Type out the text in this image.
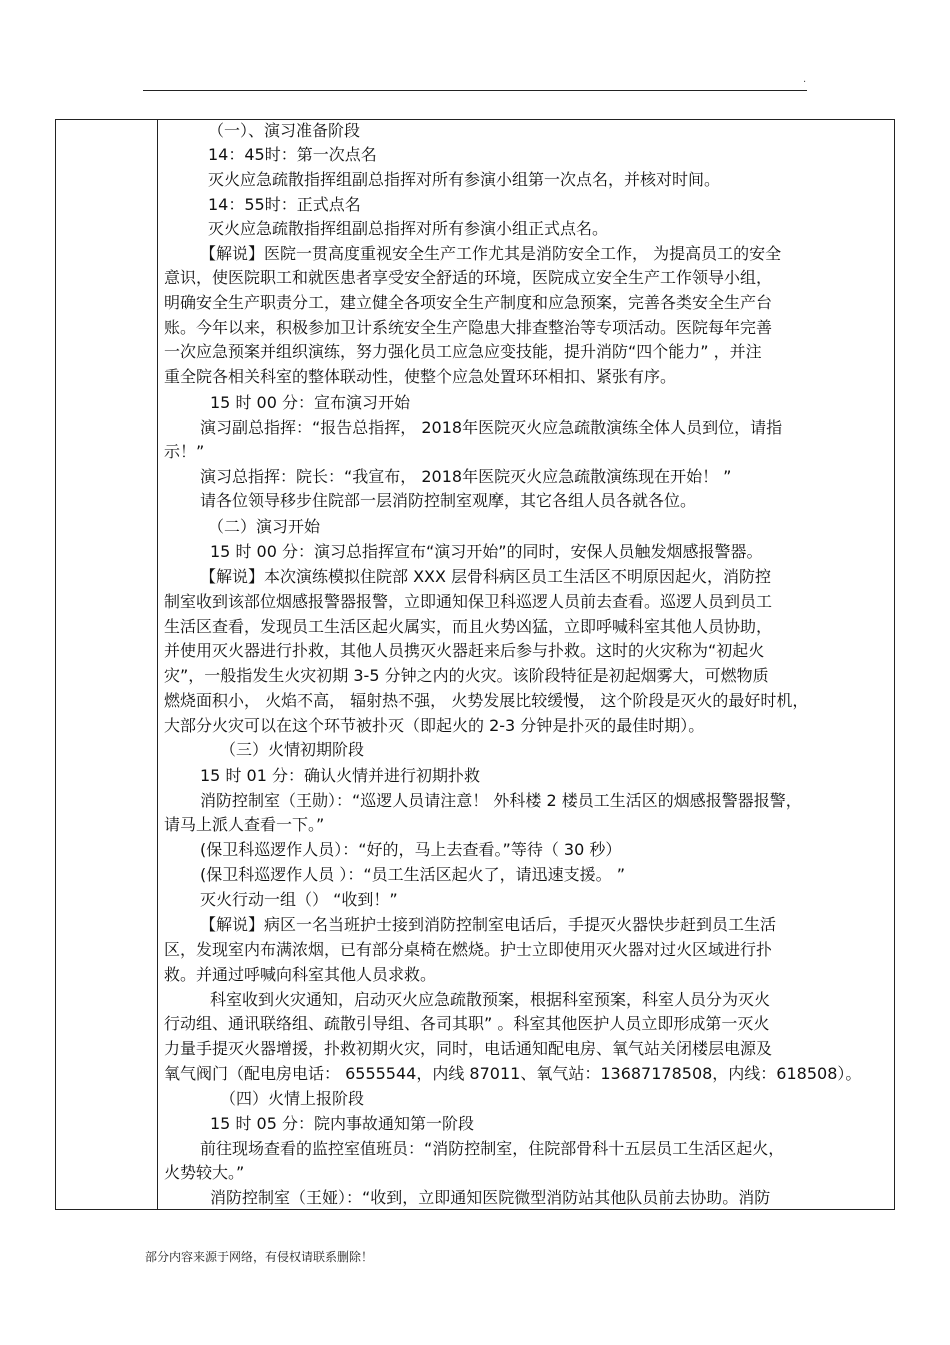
.
（一）、演习准备阶段
14：45时：第一次点名
灭火应急疏散指挥组副总指挥对所有参演小组第一次点名，并核对时间。
14：55时：正式点名
灭火应急疏散指挥组副总指挥对所有参演小组正式点名。
【解说】医院一贯高度重视安全生产工作尤其是消防安全工作， 为提高员工的安全
意识，使医院职工和就医患者享受安全舒适的环境，医院成立安全生产工作领导小组，
明确安全生产职责分工，建立健全各项安全生产制度和应急预案，完善各类安全生产台
账。今年以来，积极参加卫计系统安全生产隐患大排查整治等专项活动。医院每年完善
一次应急预案并组织演练，努力强化员工应急应变技能，提升消防“四个能力” ，并注
重全院各相关科室的整体联动性，使整个应急处置环环相扣、紧张有序。
15 时 00 分：宣布演习开始
演习副总指挥：“报告总指挥， 2018年医院灭火应急疏散演练全体人员到位，请指
示！”
演习总指挥：院长：“我宣布， 2018年医院灭火应急疏散演练现在开始！ ”
请各位领导移步住院部一层消防控制室观摩，其它各组人员各就各位。
（二）演习开始
15 时 00 分：演习总指挥宣布“演习开始”的同时，安保人员触发烟感报警器。
【解说】本次演练模拟住院部 XXX 层骨科病区员工生活区不明原因起火，消防控
制室收到该部位烟感报警器报警，立即通知保卫科巡逻人员前去查看。巡逻人员到员工
生活区查看，发现员工生活区起火属实，而且火势凶猛，立即呼喊科室其他人员协助，
并使用灭火器进行扑救，其他人员携灭火器赶来后参与扑救。这时的火灾称为“初起火
灾”，一般指发生火灾初期 3-5 分钟之内的火灾。该阶段特征是初起烟雾大，可燃物质
燃烧面积小， 火焰不高， 辐射热不强， 火势发展比较缓慢， 这个阶段是灭火的最好时机，
大部分火灾可以在这个环节被扑灭（即起火的 2-3 分钟是扑灭的最佳时期）。
（三）火情初期阶段
15 时 01 分：确认火情并进行初期扑救
消防控制室（王勋）：“巡逻人员请注意！ 外科楼 2 楼员工生活区的烟感报警器报警，
请马上派人查看一下。”
(保卫科巡逻作人员）：“好的，马上去查看。”等待（ 30 秒）
(保卫科巡逻作人员 ）：“员工生活区起火了，请迅速支援。 ”
灭火行动一组（） “收到！”
【解说】病区一名当班护士接到消防控制室电话后，手提灭火器快步赶到员工生活
区，发现室内布满浓烟，已有部分桌椅在燃烧。护士立即使用灭火器对过火区域进行扑
救。并通过呼喊向科室其他人员求救。
科室收到火灾通知，启动灭火应急疏散预案，根据科室预案，科室人员分为灭火
行动组、通讯联络组、疏散引导组、各司其职” 。科室其他医护人员立即形成第一灭火
力量手提灭火器增援，扑救初期火灾，同时，电话通知配电房、氧气站关闭楼层电源及
氧气阀门（配电房电话： 6555544，内线 87011、氧气站：13687178508，内线：618508）。
（四）火情上报阶段
15 时 05 分：院内事故通知第一阶段
前往现场查看的监控室值班员：“消防控制室，住院部骨科十五层员工生活区起火，
火势较大。”
消防控制室（王娅）：“收到，立即通知医院微型消防站其他队员前去协助。消防
部分内容来源于网络，有侵权请联系删除！
